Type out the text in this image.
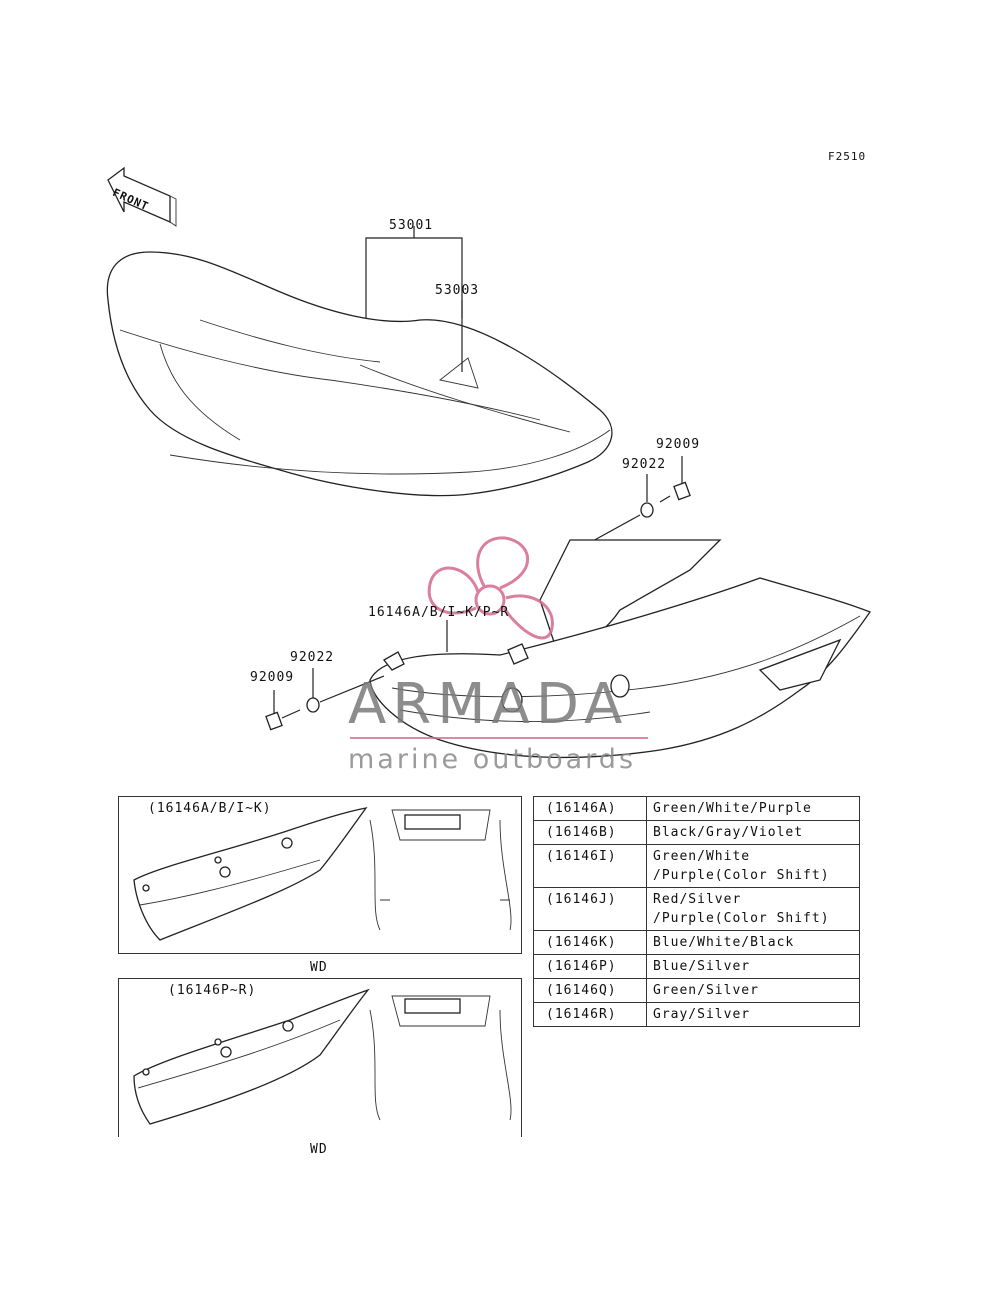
F2510
FRONT
53001
53003
92009
92022
16146A/B/I~K/P~R
92022
92009 ARMADA
marine outboards
(16146A/B/I~K)
WD
(16146P~R)
WD
(16146A)	Green/White/Purple
(16146B)	Black/Gray/Violet
(16146I)	Green/White
/Purple(Color Shift)

(16146J)	Red/Silver
/Purple(Color Shift)

(16146K)	Blue/White/Black
(16146P)	Blue/Silver
(16146Q)	Green/Silver
(16146R)	Gray/Silver
